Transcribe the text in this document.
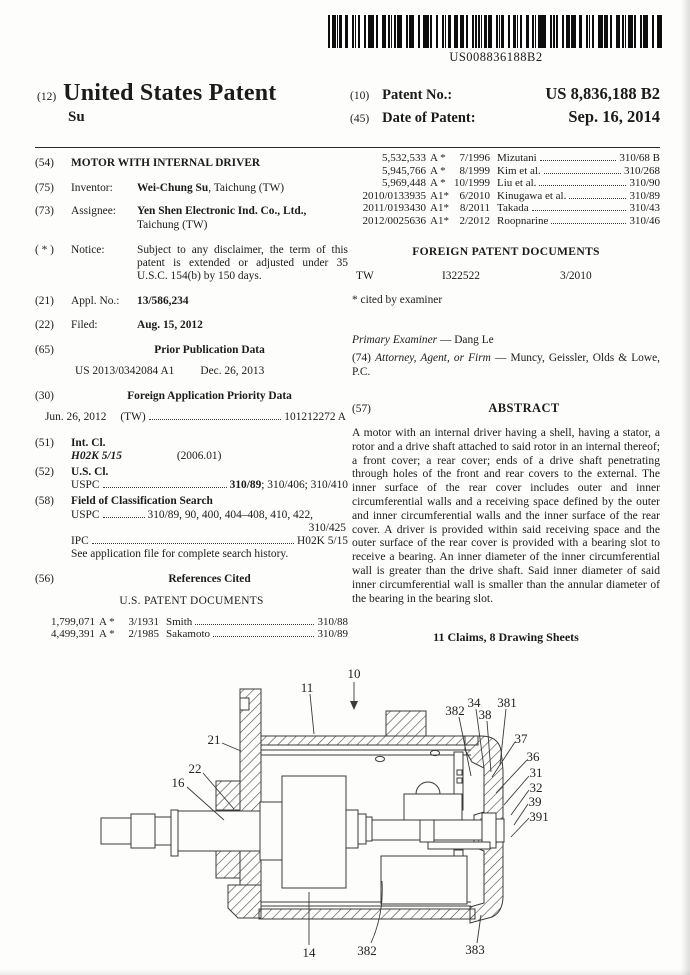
US008836188B2
(12) United States Patent
Su
(10) Patent No.:	US 8,836,188 B2
(45) Date of Patent:	Sep. 16, 2014
(54)	MOTOR WITH INTERNAL DRIVER
(75)	Inventor:	Wei-Chung Su, Taichung (TW)
(73)	Assignee:	Yen Shen Electronic Ind. Co., Ltd.,
Taichung (TW)
( * )	Notice:	Subject to any disclaimer, the term of this patent is extended or adjusted under 35 U.S.C. 154(b) by 150 days.
(21)	Appl. No.:	13/586,234
(22)	Filed:	Aug. 15, 2012
(65)	Prior Publication Data
US 2013/0342084 A1 Dec. 26, 2013
(30)	Foreign Application Priority Data
Jun. 26, 2012 (TW)	101212272 A
(51)	Int. Cl.
H02K 5/15	(2006.01)
(52)	U.S. Cl.
USPC	310/89; 310/406; 310/410
(58)	Field of Classification Search
USPC	310/89, 90, 400, 404–408, 410, 422,
310/425
IPC	H02K 5/15
See application file for complete search history.
(56)	References Cited
U.S. PATENT DOCUMENTS
1,799,071 A *	3/1931 Smith	310/88
4,499,391 A *	2/1985 Sakamoto	310/89
5,532,533 A *	7/1996 Mizutani	310/68 B
5,945,766 A *	8/1999 Kim et al.	310/268
5,969,448 A * 10/1999 Liu et al.	310/90
2010/0133935 A1* 6/2010 Kinugawa et al.	310/89
2011/0193430 A1* 8/2011 Takada	310/43
2012/0025636 A1* 2/2012 Roopnarine	310/46
FOREIGN PATENT DOCUMENTS
TW	I322522	3/2010
* cited by examiner
Primary Examiner — Dang Le
(74) Attorney, Agent, or Firm — Muncy, Geissler, Olds & Lowe, P.C.
(57)	ABSTRACT
A motor with an internal driver having a shell, having a stator, a rotor and a drive shaft attached to said rotor in an internal thereof; a front cover; a rear cover; ends of a drive shaft penetrating through holes of the front and rear covers to the external. The inner surface of the rear cover includes outer and inner circumferential walls and a receiving space defined by the outer and inner circumferential walls and the inner surface of the rear cover. A driver is provided within said receiving space and the outer surface of the rear cover is provided with a bearing slot to receive a bearing. An inner diameter of the inner circumferential wall is greater than the drive shaft. Said inner diameter of said inner circumferential wall is smaller than the annular diameter of the bearing in the bearing slot.
11 Claims, 8 Drawing Sheets
10
11
21
22
16
382
34
38
381
37
36
31
32
39
391
14	382	383
